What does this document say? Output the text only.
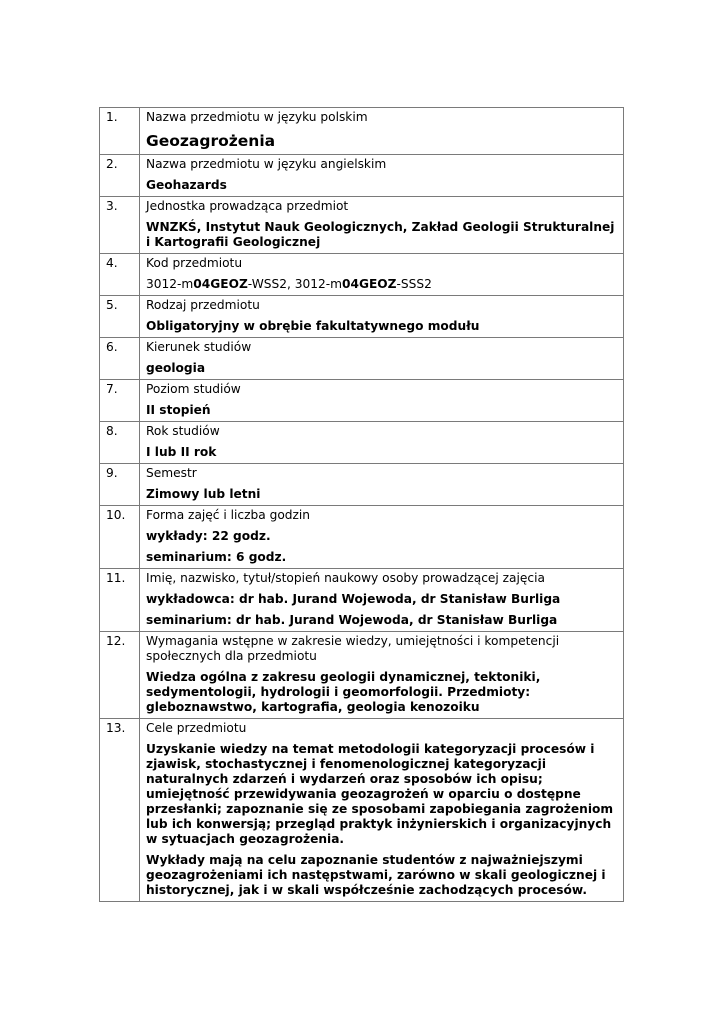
1.	Nazwa przedmiotu w języku polskim
Geozagrożenia

2.	Nazwa przedmiotu w języku angielskim
Geohazards

3.	Jednostka prowadząca przedmiot
WNZKŚ, Instytut Nauk Geologicznych, Zakład Geologii Strukturalnej i Kartografii Geologicznej

4.	Kod przedmiotu
3012-m04GEOZ-WSS2, 3012-m04GEOZ-SSS2

5.	Rodzaj przedmiotu
Obligatoryjny w obrębie fakultatywnego modułu

6.	Kierunek studiów
geologia

7.	Poziom studiów
II stopień

8.	Rok studiów
I lub II rok

9.	Semestr
Zimowy lub letni

10.	Forma zajęć i liczba godzin
wykłady: 22 godz.
seminarium: 6 godz.

11.	Imię, nazwisko, tytuł/stopień naukowy osoby prowadzącej zajęcia
wykładowca: dr hab. Jurand Wojewoda, dr Stanisław Burliga
seminarium: dr hab. Jurand Wojewoda, dr Stanisław Burliga

12.	Wymagania wstępne w zakresie wiedzy, umiejętności i kompetencji społecznych dla przedmiotu
Wiedza ogólna z zakresu geologii dynamicznej, tektoniki, sedymentologii, hydrologii i geomorfologii. Przedmioty: gleboznawstwo, kartografia, geologia kenozoiku

13.	Cele przedmiotu
Uzyskanie wiedzy na temat metodologii kategoryzacji procesów i zjawisk, stochastycznej i fenomenologicznej kategoryzacji naturalnych zdarzeń i wydarzeń oraz sposobów ich opisu; umiejętność przewidywania geozagrożeń w oparciu o dostępne przesłanki; zapoznanie się ze sposobami zapobiegania zagrożeniom lub ich konwersją; przegląd praktyk inżynierskich i organizacyjnych w sytuacjach geozagrożenia.
Wykłady mają na celu zapoznanie studentów z najważniejszymi geozagrożeniami ich następstwami, zarówno w skali geologicznej i historycznej, jak i w skali współcześnie zachodzących procesów.
